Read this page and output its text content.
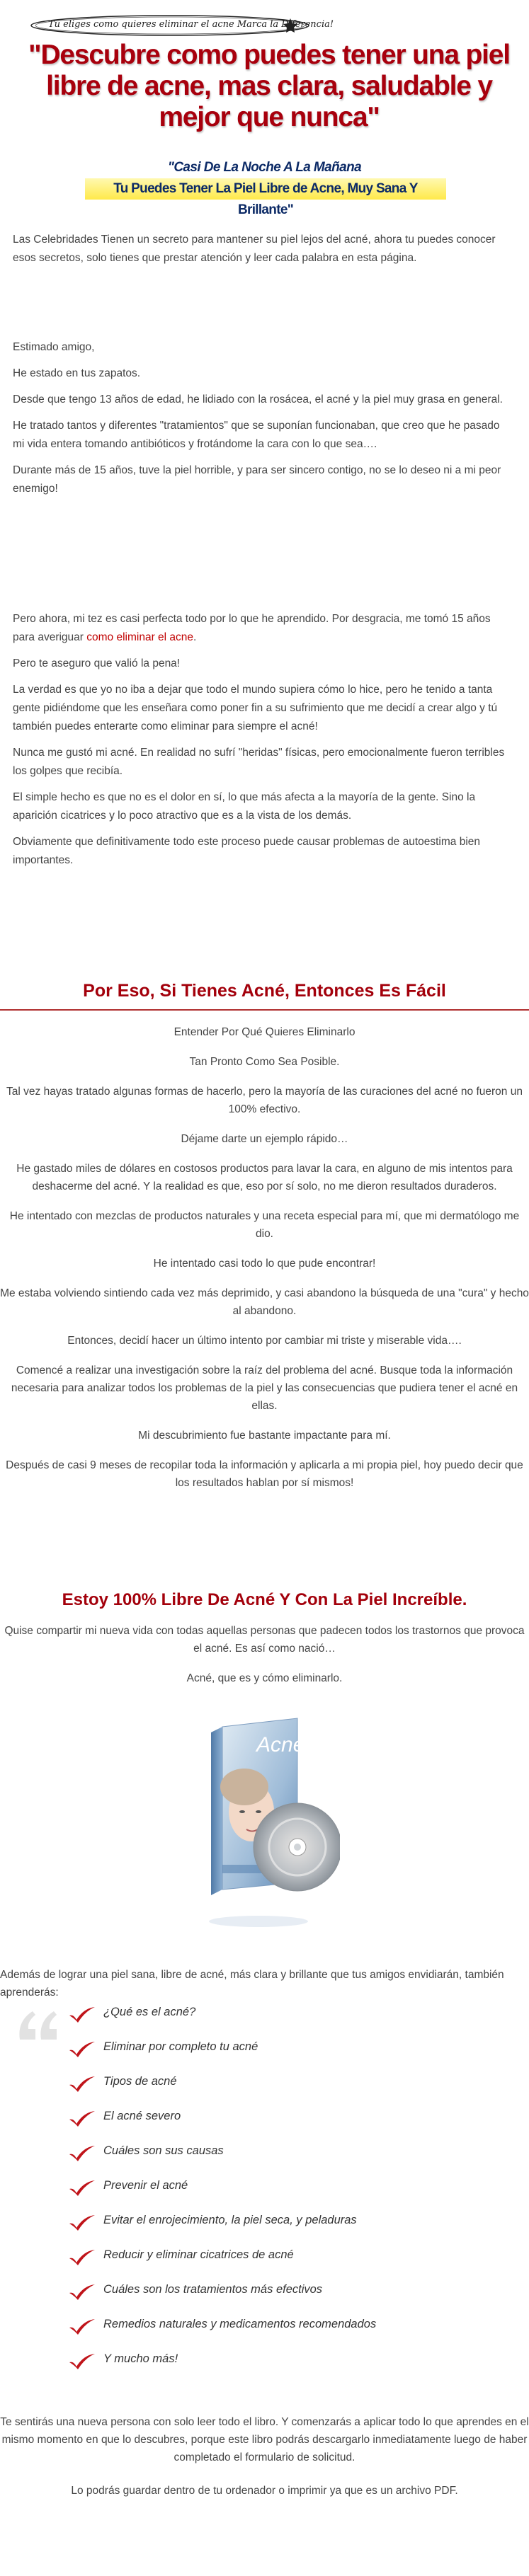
Tu eliges como quieres eliminar el acne Marca la Diferencia!
"Descubre como puedes tener una piel libre de acne, mas clara, saludable y mejor que nunca"
"Casi De La Noche A La Mañana
Tu Puedes Tener La Piel Libre de Acne, Muy Sana Y Brillante"

Las Celebridades Tienen un secreto para mantener su piel lejos del acné, ahora tu puedes conocer esos secretos, solo tienes que prestar atención y leer cada palabra en esta página.

Estimado amigo,

He estado en tus zapatos.

Desde que tengo 13 años de edad, he lidiado con la rosácea, el acné y la piel muy grasa en general.

He tratado tantos y diferentes "tratamientos" que se suponían funcionaban, que creo que he pasado mi vida entera tomando antibióticos y frotándome la cara con lo que sea….

Durante más de 15 años, tuve la piel horrible, y para ser sincero contigo, no se lo deseo ni a mi peor enemigo!

Pero ahora, mi tez es casi perfecta todo por lo que he aprendido. Por desgracia, me tomó 15 años para averiguar como eliminar el acne.

Pero te aseguro que valió la pena!

La verdad es que yo no iba a dejar que todo el mundo supiera cómo lo hice, pero he tenido a tanta gente pidiéndome que les enseñara como poner fin a su sufrimiento que me decidí a crear algo y tú también puedes enterarte como eliminar para siempre el acné!

Nunca me gustó mi acné. En realidad no sufrí "heridas" físicas, pero emocionalmente fueron terribles los golpes que recibía.

El simple hecho es que no es el dolor en sí, lo que más afecta a la mayoría de la gente. Sino la aparición cicatrices y lo poco atractivo que es a la vista de los demás.

Obviamente que definitivamente todo este proceso puede causar problemas de autoestima bien importantes.

Por Eso, Si Tienes Acné, Entonces Es Fácil

Entender Por Qué Quieres Eliminarlo

Tan Pronto Como Sea Posible.

Tal vez hayas tratado algunas formas de hacerlo, pero la mayoría de las curaciones del acné no fueron un 100% efectivo.

Déjame darte un ejemplo rápido…

He gastado miles de dólares en costosos productos para lavar la cara, en alguno de mis intentos para deshacerme del acné. Y la realidad es que, eso por sí solo, no me dieron resultados duraderos.

He intentado con mezclas de productos naturales y una receta especial para mí, que mi dermatólogo me dio.

He intentado casi todo lo que pude encontrar!

Me estaba volviendo sintiendo cada vez más deprimido, y casi abandono la búsqueda de una "cura" y hecho al abandono.

Entonces, decidí hacer un último intento por cambiar mi triste y miserable vida….

Comencé a realizar una investigación sobre la raíz del problema del acné. Busque toda la información necesaria para analizar todos los problemas de la piel y las consecuencias que pudiera tener el acné en ellas.

Mi descubrimiento fue bastante impactante para mí.

Después de casi 9 meses de recopilar toda la información y aplicarla a mi propia piel, hoy puedo decir que los resultados hablan por sí mismos!

Estoy 100% Libre De Acné Y Con La Piel Increíble.

Quise compartir mi nueva vida con todas aquellas personas que padecen todos los trastornos que provoca el acné. Es así como nació…

Acné, que es y cómo eliminarlo.

Acne

Además de lograr una piel sana, libre de acné, más clara y brillante que tus amigos envidiarán, también aprenderás:

¿Qué es el acné?
Eliminar por completo tu acné
Tipos de acné
El acné severo
Cuáles son sus causas
Prevenir el acné
Evitar el enrojecimiento, la piel seca, y peladuras
Reducir y eliminar cicatrices de acné
Cuáles son los tratamientos más efectivos
Remedios naturales y medicamentos recomendados
Y mucho más!

Te sentirás una nueva persona con solo leer todo el libro. Y comenzarás a aplicar todo lo que aprendes en el mismo momento en que lo descubres, porque este libro podrás descargarlo inmediatamente luego de haber completado el formulario de solicitud.

Lo podrás guardar dentro de tu ordenador o imprimir ya que es un archivo PDF.
